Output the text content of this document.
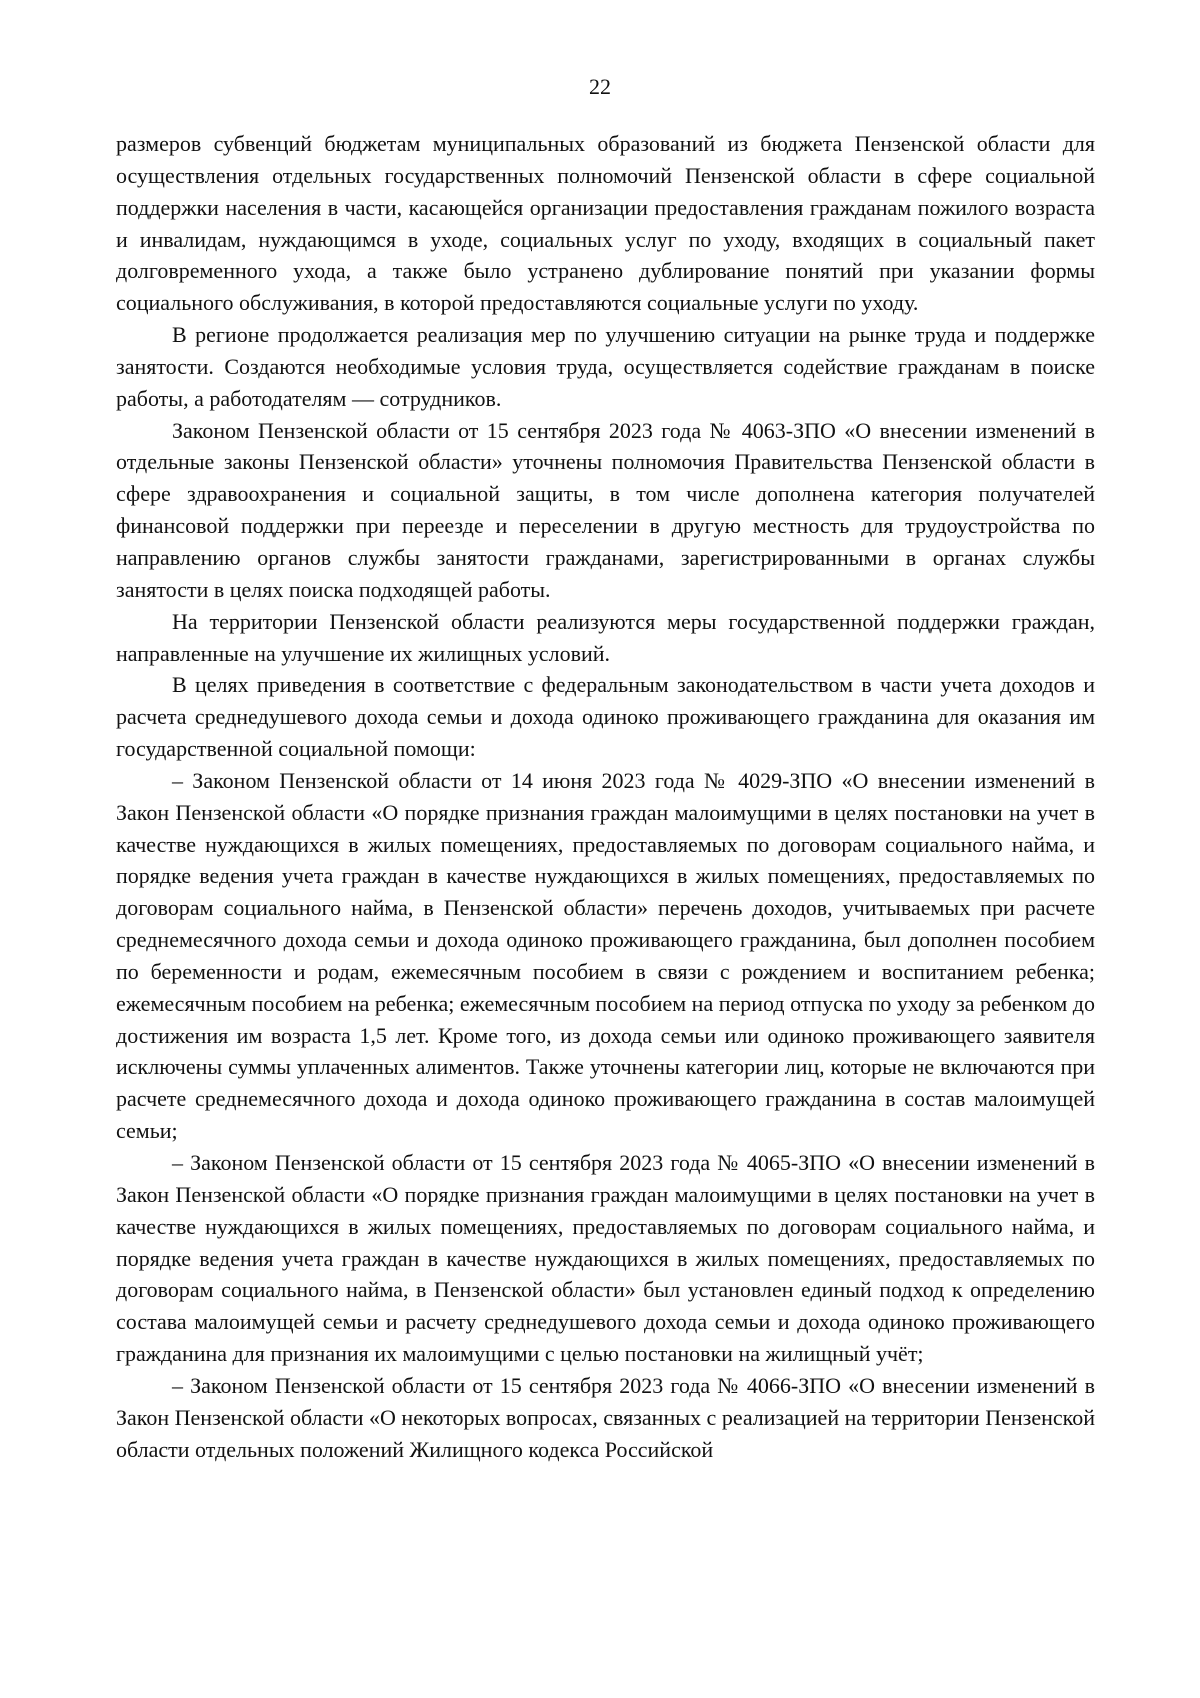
22

размеров субвенций бюджетам муниципальных образований из бюджета Пензенской области для осуществления отдельных государственных полномочий Пензенской области в сфере социальной поддержки населения в части, касающейся организации предоставления гражданам пожилого возраста и инвалидам, нуждающимся в уходе, социальных услуг по уходу, входящих в социальный пакет долговременного ухода, а также было устранено дублирование понятий при указании формы социального обслуживания, в которой предоставляются социальные услуги по уходу.

В регионе продолжается реализация мер по улучшению ситуации на рынке труда и поддержке занятости. Создаются необходимые условия труда, осуществляется содействие гражданам в поиске работы, а работодателям — сотрудников.

Законом Пензенской области от 15 сентября 2023 года № 4063-ЗПО «О внесении изменений в отдельные законы Пензенской области» уточнены полномочия Правительства Пензенской области в сфере здравоохранения и социальной защиты, в том числе дополнена категория получателей финансовой поддержки при переезде и переселении в другую местность для трудоустройства по направлению органов службы занятости гражданами, зарегистрированными в органах службы занятости в целях поиска подходящей работы.

На территории Пензенской области реализуются меры государственной поддержки граждан, направленные на улучшение их жилищных условий.

В целях приведения в соответствие с федеральным законодательством в части учета доходов и расчета среднедушевого дохода семьи и дохода одиноко проживающего гражданина для оказания им государственной социальной помощи:

– Законом Пензенской области от 14 июня 2023 года № 4029-ЗПО «О внесении изменений в Закон Пензенской области «О порядке признания граждан малоимущими в целях постановки на учет в качестве нуждающихся в жилых помещениях, предоставляемых по договорам социального найма, и порядке ведения учета граждан в качестве нуждающихся в жилых помещениях, предоставляемых по договорам социального найма, в Пензенской области» перечень доходов, учитываемых при расчете среднемесячного дохода семьи и дохода одиноко проживающего гражданина, был дополнен пособием по беременности и родам, ежемесячным пособием в связи с рождением и воспитанием ребенка; ежемесячным пособием на ребенка; ежемесячным пособием на период отпуска по уходу за ребенком до достижения им возраста 1,5 лет. Кроме того, из дохода семьи или одиноко проживающего заявителя исключены суммы уплаченных алиментов. Также уточнены категории лиц, которые не включаются при расчете среднемесячного дохода и дохода одиноко проживающего гражданина в состав малоимущей семьи;

– Законом Пензенской области от 15 сентября 2023 года № 4065-ЗПО «О внесении изменений в Закон Пензенской области «О порядке признания граждан малоимущими в целях постановки на учет в качестве нуждающихся в жилых помещениях, предоставляемых по договорам социального найма, и порядке ведения учета граждан в качестве нуждающихся в жилых помещениях, предоставляемых по договорам социального найма, в Пензенской области» был установлен единый подход к определению состава малоимущей семьи и расчету среднедушевого дохода семьи и дохода одиноко проживающего гражданина для признания их малоимущими с целью постановки на жилищный учёт;

– Законом Пензенской области от 15 сентября 2023 года № 4066-ЗПО «О внесении изменений в Закон Пензенской области «О некоторых вопросах, связанных с реализацией на территории Пензенской области отдельных положений Жилищного кодекса Российской
